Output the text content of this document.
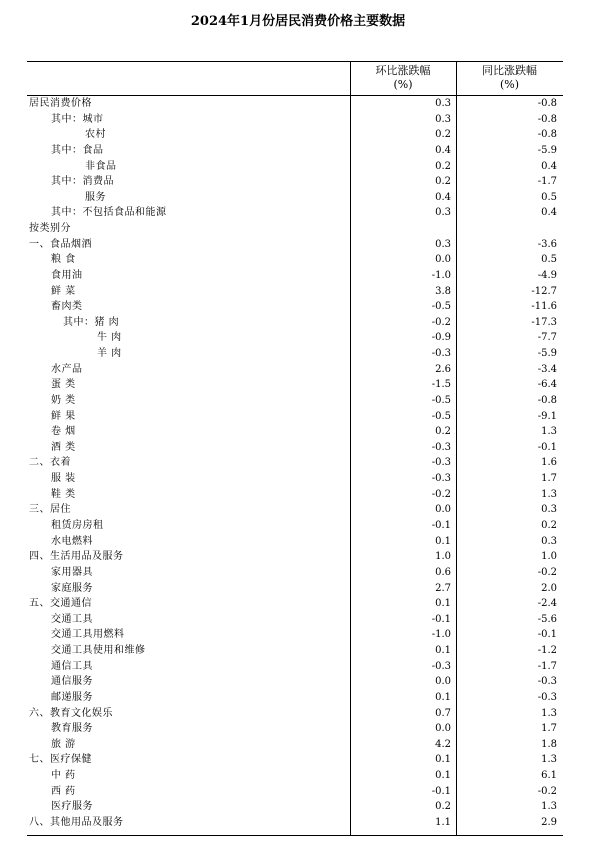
2024年1月份居民消费价格主要数据
环比涨跌幅
(%)
同比涨跌幅
(%)
居民消费价格	0.3	-0.8
其中：城市	0.3	-0.8
农村	0.2	-0.8
其中：食品	0.4	-5.9
非食品	0.2	0.4
其中：消费品	0.2	-1.7
服务	0.4	0.5
其中：不包括食品和能源	0.3	0.4
按类别分
一、食品烟酒	0.3	-3.6
粮 食	0.0	0.5
食用油	-1.0	-4.9
鲜 菜	3.8	-12.7
畜肉类	-0.5	-11.6
其中：猪 肉	-0.2	-17.3
牛 肉	-0.9	-7.7
羊 肉	-0.3	-5.9
水产品	2.6	-3.4
蛋 类	-1.5	-6.4
奶 类	-0.5	-0.8
鲜 果	-0.5	-9.1
卷 烟	0.2	1.3
酒 类	-0.3	-0.1
二、衣着	-0.3	1.6
服 装	-0.3	1.7
鞋 类	-0.2	1.3
三、居住	0.0	0.3
租赁房房租	-0.1	0.2
水电燃料	0.1	0.3
四、生活用品及服务	1.0	1.0
家用器具	0.6	-0.2
家庭服务	2.7	2.0
五、交通通信	0.1	-2.4
交通工具	-0.1	-5.6
交通工具用燃料	-1.0	-0.1
交通工具使用和维修	0.1	-1.2
通信工具	-0.3	-1.7
通信服务	0.0	-0.3
邮递服务	0.1	-0.3
六、教育文化娱乐	0.7	1.3
教育服务	0.0	1.7
旅 游	4.2	1.8
七、医疗保健	0.1	1.3
中 药	0.1	6.1
西 药	-0.1	-0.2
医疗服务	0.2	1.3
八、其他用品及服务	1.1	2.9
